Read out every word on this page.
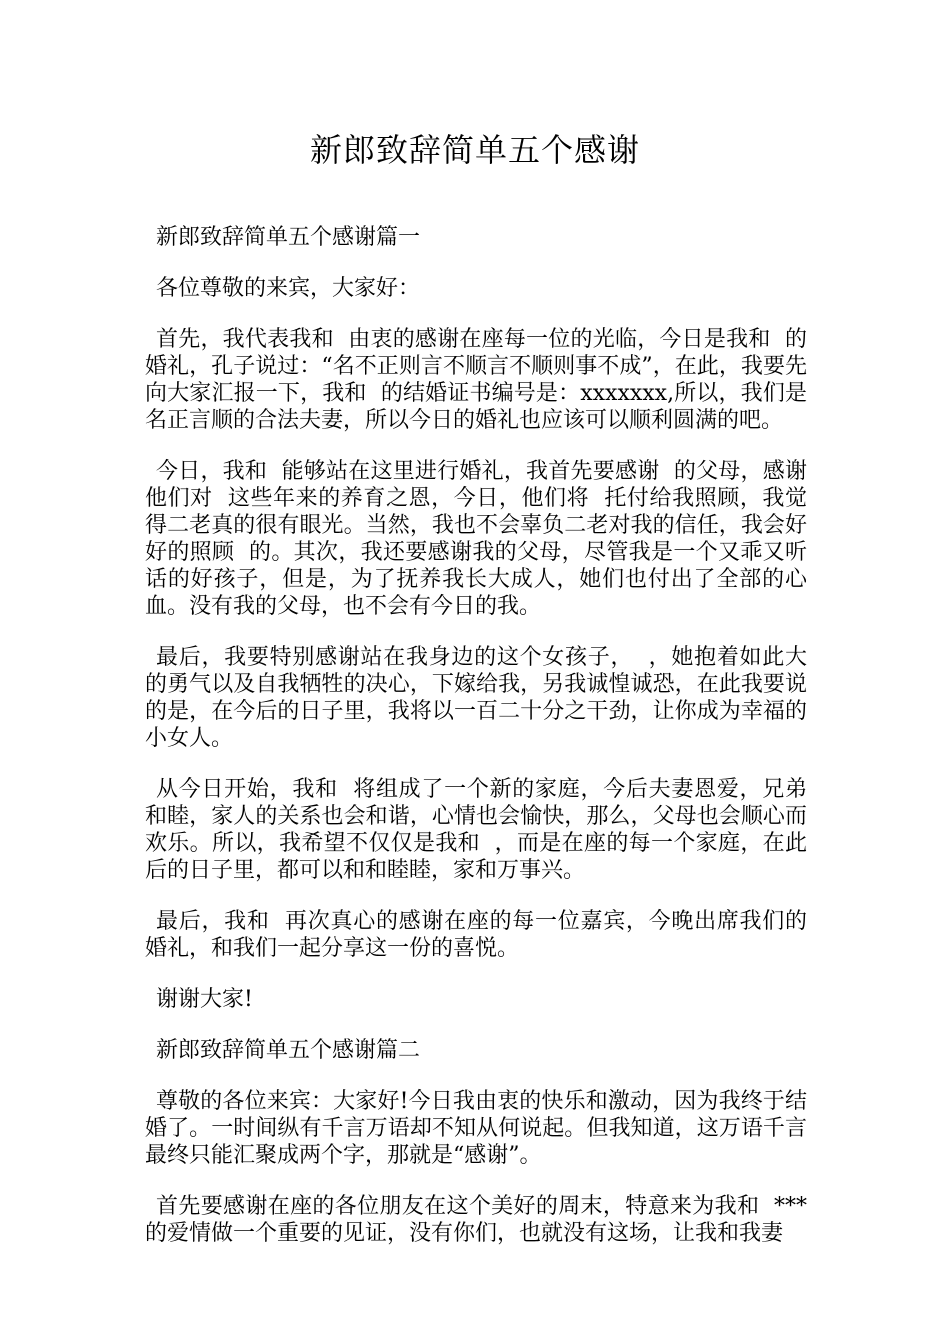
新郎致辞简单五个感谢

新郎致辞简单五个感谢篇一

各位尊敬的来宾，大家好：

首先，我代表我和  由衷的感谢在座每一位的光临，今日是我和  的婚礼，孔子说过：“名不正则言不顺言不顺则事不成”，在此，我要先向大家汇报一下，我和  的结婚证书编号是：xxxxxxx,所以，我们是名正言顺的合法夫妻，所以今日的婚礼也应该可以顺利圆满的吧。

今日，我和  能够站在这里进行婚礼，我首先要感谢  的父母，感谢他们对  这些年来的养育之恩，今日，他们将  托付给我照顾，我觉得二老真的很有眼光。当然，我也不会辜负二老对我的信任，我会好好的照顾  的。其次，我还要感谢我的父母，尽管我是一个又乖又听话的好孩子，但是，为了抚养我长大成人，她们也付出了全部的心血。没有我的父母，也不会有今日的我。

最后，我要特别感谢站在我身边的这个女孩子，  ，她抱着如此大的勇气以及自我牺牲的决心，下嫁给我，另我诚惶诚恐，在此我要说的是，在今后的日子里，我将以一百二十分之干劲，让你成为幸福的小女人。

从今日开始，我和  将组成了一个新的家庭，今后夫妻恩爱，兄弟和睦，家人的关系也会和谐，心情也会愉快，那么，父母也会顺心而欢乐。所以，我希望不仅仅是我和  ，而是在座的每一个家庭，在此后的日子里，都可以和和睦睦，家和万事兴。

最后，我和  再次真心的感谢在座的每一位嘉宾，今晚出席我们的婚礼，和我们一起分享这一份的喜悦。

谢谢大家!

新郎致辞简单五个感谢篇二

尊敬的各位来宾：大家好!今日我由衷的快乐和激动，因为我终于结婚了。一时间纵有千言万语却不知从何说起。但我知道，这万语千言最终只能汇聚成两个字，那就是“感谢”。

首先要感谢在座的各位朋友在这个美好的周末，特意来为我和  ***的爱情做一个重要的见证，没有你们，也就没有这场，让我和我妻
